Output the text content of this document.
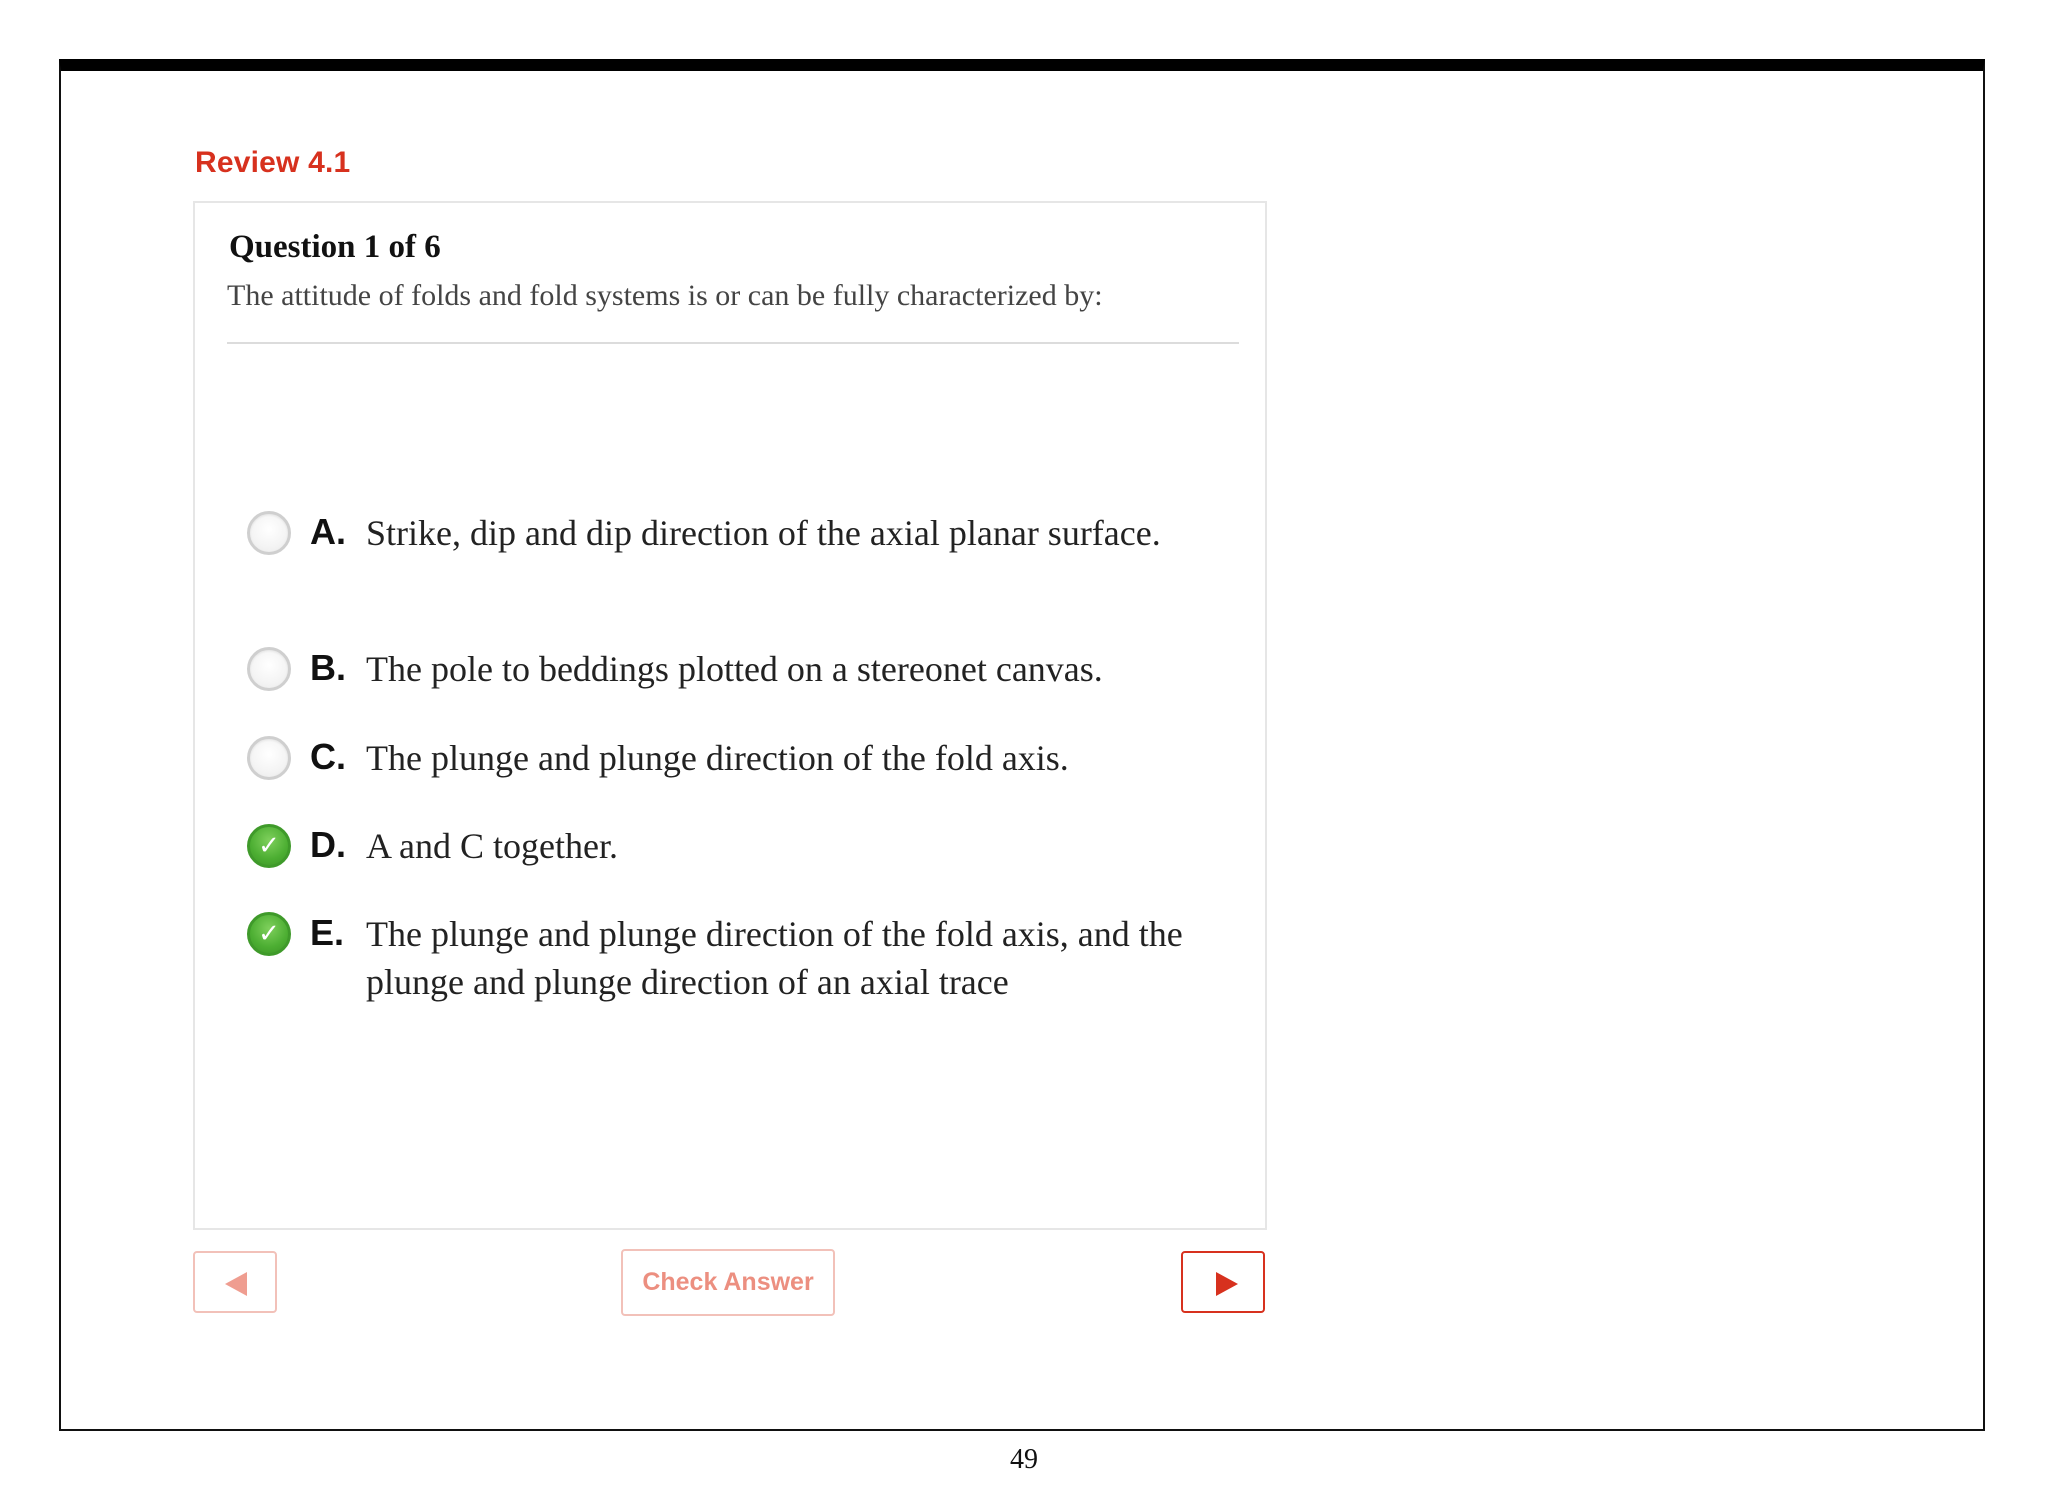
Review 4.1
Question 1 of 6
The attitude of folds and fold systems is or can be fully characterized by:
A. Strike, dip and dip direction of the axial planar surface.
B. The pole to beddings plotted on a stereonet canvas.
C. The plunge and plunge direction of the fold axis.
✓ D. A and C together.
✓ E. The plunge and plunge direction of the fold axis, and the plunge and plunge direction of an axial trace
Check Answer
49
